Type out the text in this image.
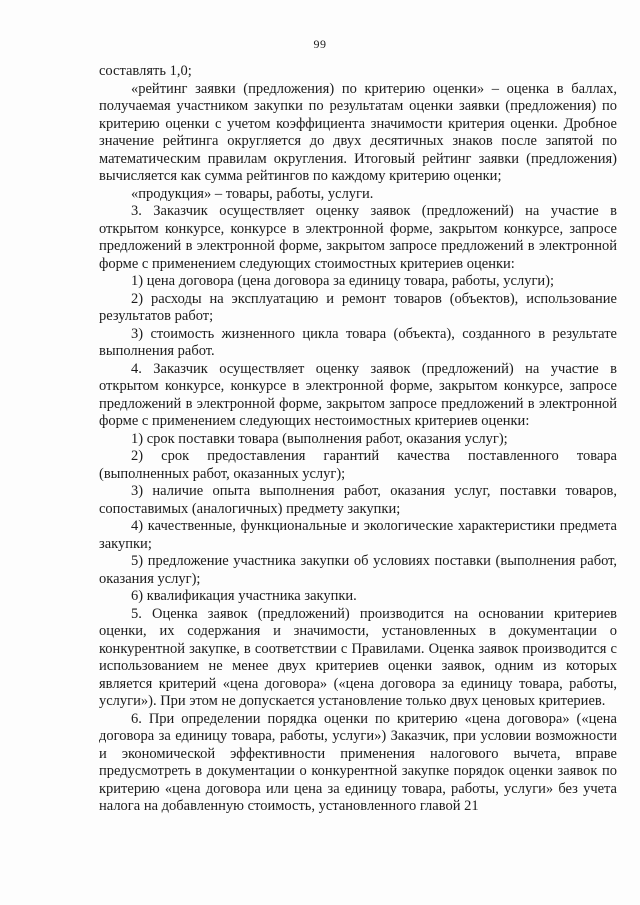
99

составлять 1,0;

«рейтинг заявки (предложения) по критерию оценки» – оценка в баллах, получаемая участником закупки по результатам оценки заявки (предложения) по критерию оценки с учетом коэффициента значимости критерия оценки. Дробное значение рейтинга округляется до двух десятичных знаков после запятой по математическим правилам округления. Итоговый рейтинг заявки (предложения) вычисляется как сумма рейтингов по каждому критерию оценки;

«продукция» – товары, работы, услуги.

3. Заказчик осуществляет оценку заявок (предложений) на участие в открытом конкурсе, конкурсе в электронной форме, закрытом конкурсе, запросе предложений в электронной форме, закрытом запросе предложений в электронной форме с применением следующих стоимостных критериев оценки:

1) цена договора (цена договора за единицу товара, работы, услуги);

2) расходы на эксплуатацию и ремонт товаров (объектов), использование результатов работ;

3) стоимость жизненного цикла товара (объекта), созданного в результате выполнения работ.

4. Заказчик осуществляет оценку заявок (предложений) на участие в открытом конкурсе, конкурсе в электронной форме, закрытом конкурсе, запросе предложений в электронной форме, закрытом запросе предложений в электронной форме с применением следующих нестоимостных критериев оценки:

1) срок поставки товара (выполнения работ, оказания услуг);

2) срок предоставления гарантий качества поставленного товара (выполненных работ, оказанных услуг);

3) наличие опыта выполнения работ, оказания услуг, поставки товаров, сопоставимых (аналогичных) предмету закупки;

4) качественные, функциональные и экологические характеристики предмета закупки;

5) предложение участника закупки об условиях поставки (выполнения работ, оказания услуг);

6) квалификация участника закупки.

5. Оценка заявок (предложений) производится на основании критериев оценки, их содержания и значимости, установленных в документации о конкурентной закупке, в соответствии с Правилами. Оценка заявок производится с использованием не менее двух критериев оценки заявок, одним из которых является критерий «цена договора» («цена договора за единицу товара, работы, услуги»). При этом не допускается установление только двух ценовых критериев.

6. При определении порядка оценки по критерию «цена договора» («цена договора за единицу товара, работы, услуги») Заказчик, при условии возможности и экономической эффективности применения налогового вычета, вправе предусмотреть в документации о конкурентной закупке порядок оценки заявок по критерию «цена договора или цена за единицу товара, работы, услуги» без учета налога на добавленную стоимость, установленного главой 21
